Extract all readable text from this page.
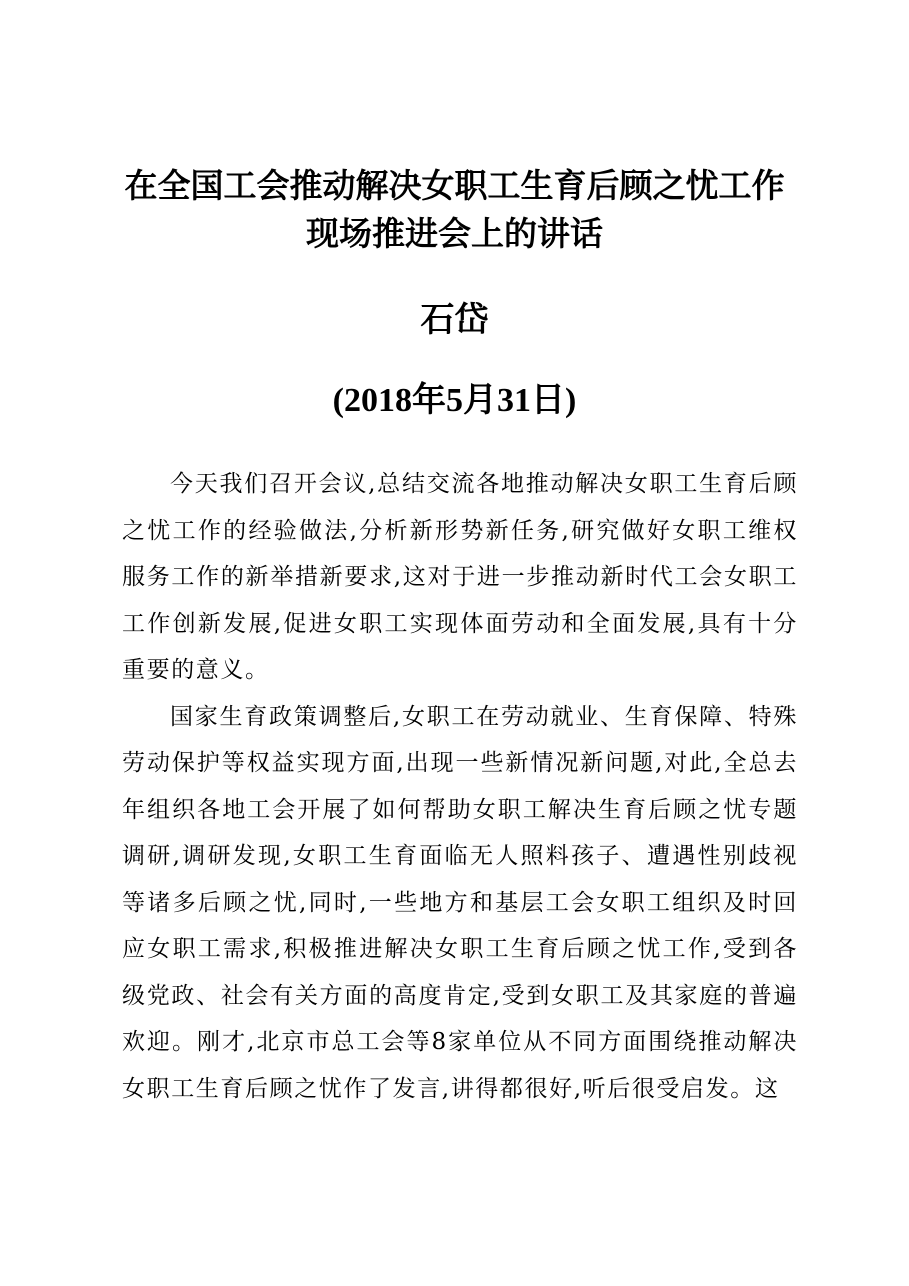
在全国工会推动解决女职工生育后顾之忧工作
现场推进会上的讲话
石岱
(2018年5月31日)

今天我们召开会议,总结交流各地推动解决女职工生育后顾之忧工作的经验做法,分析新形势新任务,研究做好女职工维权服务工作的新举措新要求,这对于进一步推动新时代工会女职工工作创新发展,促进女职工实现体面劳动和全面发展,具有十分重要的意义。

国家生育政策调整后,女职工在劳动就业、生育保障、特殊劳动保护等权益实现方面,出现一些新情况新问题,对此,全总去年组织各地工会开展了如何帮助女职工解决生育后顾之忧专题调研,调研发现,女职工生育面临无人照料孩子、遭遇性别歧视等诸多后顾之忧,同时,一些地方和基层工会女职工组织及时回应女职工需求,积极推进解决女职工生育后顾之忧工作,受到各级党政、社会有关方面的高度肯定,受到女职工及其家庭的普遍欢迎。刚才,北京市总工会等8家单位从不同方面围绕推动解决女职工生育后顾之忧作了发言,讲得都很好,听后很受启发。这
